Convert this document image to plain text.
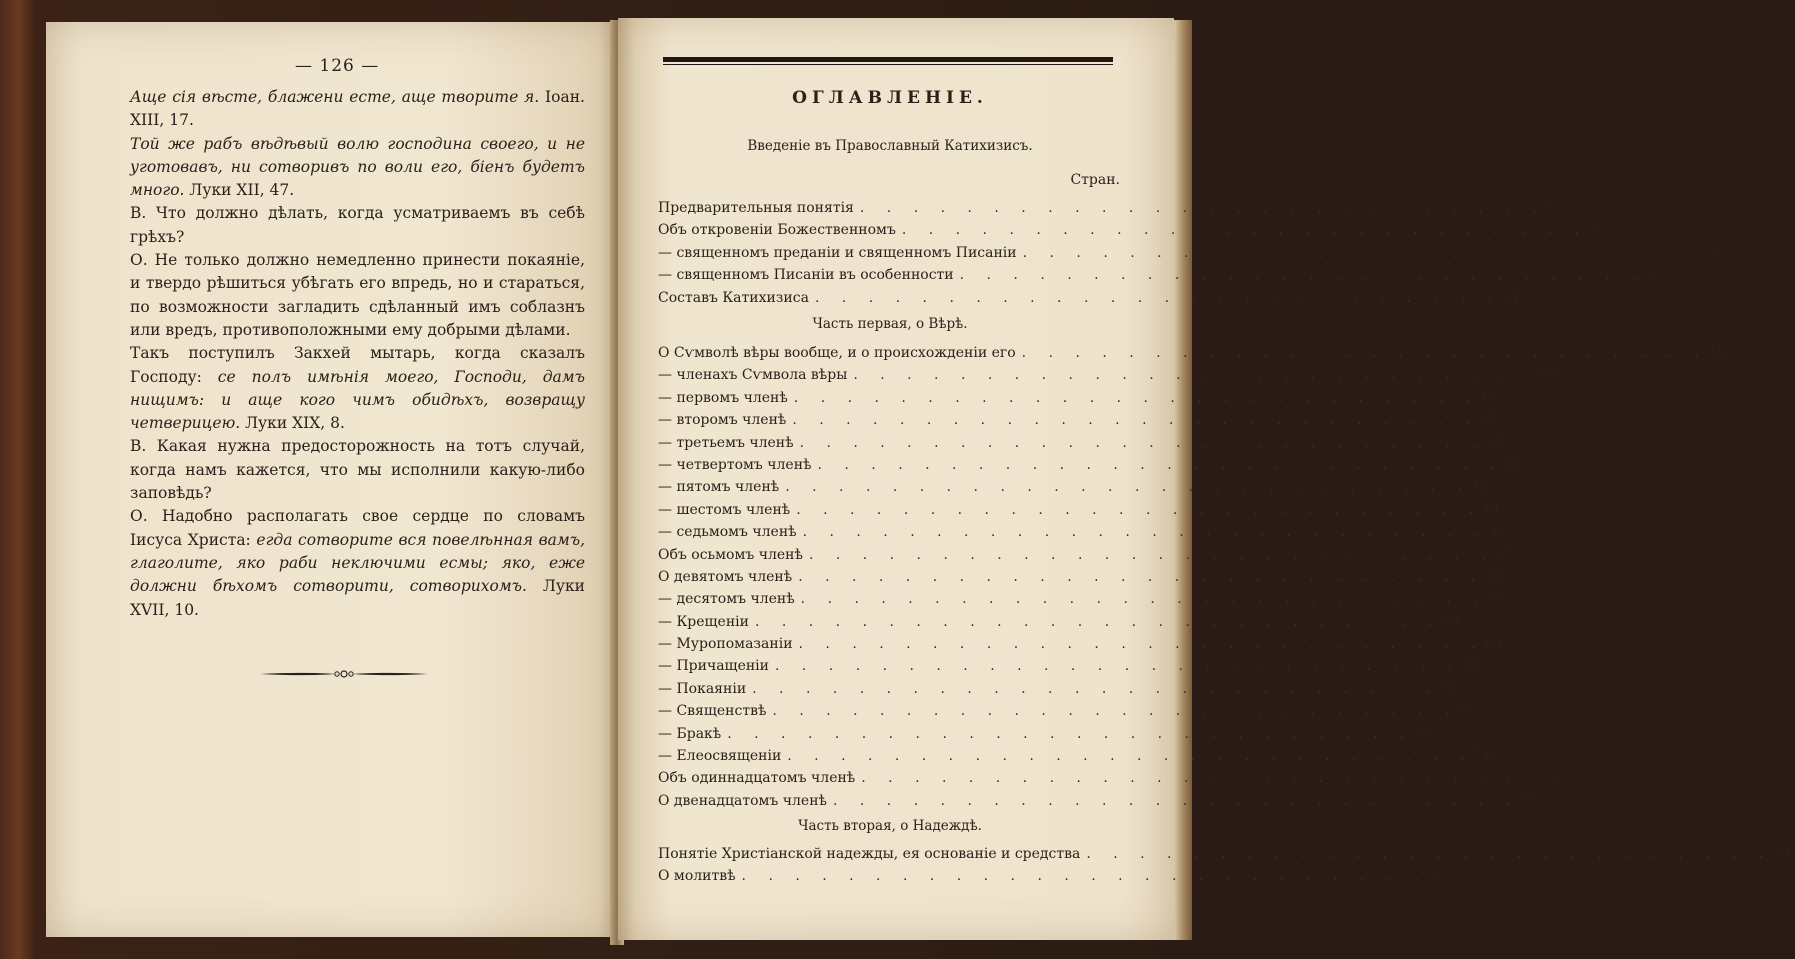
— 126 —

Аще сія вѣсте, блажени есте, аще творите я. Іоан. XIII, 17.

Той же рабъ вѣдѣвый волю господина своего, и не уготовавъ, ни сотворивъ по воли его, біенъ будетъ много. Луки XII, 47.

В. Что должно дѣлать, когда усматриваемъ въ себѣ грѣхъ?

О. Не только должно немедленно принести покаяніе, и твердо рѣшиться убѣгать его впредь, но и стараться, по возможности загладить сдѣланный имъ соблазнъ или вредъ, противоположными ему добрыми дѣлами.

Такъ поступилъ Закхей мытарь, когда сказалъ Господу: се полъ имѣнія моего, Господи, дамъ нищимъ: и аще кого чимъ обидѣхъ, возвращу четверицею. Луки XIX, 8.

В. Какая нужна предосторожность на тотъ случай, когда намъ кажется, что мы исполнили какую-либо заповѣдь?

О. Надобно располагать свое сердце по словамъ Іисуса Христа: егда сотворите вся повелѣнная вамъ, глаголите, яко раби неключими есмы; яко, еже должни бѣхомъ сотворити, сотворихомъ. Луки XVII, 10.

ОГЛАВЛЕНІЕ.
Введеніе въ Православный Катихизисъ.
Стран.
Предварительныя понятія . . . . . . . . . . . . . . . . . . . . . . . . . . 1.
Объ откровеніи Божественномъ . . . . . . . . . . . . . . . . . . . . . . . . . . 3.
— священномъ преданіи и священномъ Писаніи . . . . . . . . . . . . . . . . . . . . . . . . . . 5.
— священномъ Писаніи въ особенности . . . . . . . . . . . . . . . . . . . . . . . . . . 8.
Составъ Катихизиса . . . . . . . . . . . . . . . . . . . . . . . . . . 14.
Часть первая, о Вѣрѣ.
О Сѵмволѣ вѣры вообще, и о происхожденіи его . . . . . . . . . . . . . . . . . . . . . . . . . . 15.
— членахъ Сѵмвола вѣры . . . . . . . . . . . . . . . . . . . . . . . . . . 17.
— первомъ членѣ . . . . . . . . . . . . . . . . . . . . . . . . . . 18.
— второмъ членѣ . . . . . . . . . . . . . . . . . . . . . . . . . . 27.
— третьемъ членѣ . . . . . . . . . . . . . . . . . . . . . . . . . . 30.
— четвертомъ членѣ . . . . . . . . . . . . . . . . . . . . . . . . . . 38.
— пятомъ членѣ . . . . . . . . . . . . . . . . . . . . . . . . . . 42.
— шестомъ членѣ . . . . . . . . . . . . . . . . . . . . . . . . . . 44.
— седьмомъ членѣ . . . . . . . . . . . . . . . . . . . . . . . . . . 45.
Объ осьмомъ членѣ . . . . . . . . . . . . . . . . . . . . . . . . . . 47.
О девятомъ членѣ . . . . . . . . . . . . . . . . . . . . . . . . . . 49.
— десятомъ членѣ . . . . . . . . . . . . . . . . . . . . . . . . . . 59.
— Крещеніи . . . . . . . . . . . . . . . . . . . . . . . . . . 60.
— Муропомазаніи . . . . . . . . . . . . . . . . . . . . . . . . . . 63.
— Причащеніи . . . . . . . . . . . . . . . . . . . . . . . . . . 65.
— Покаяніи . . . . . . . . . . . . . . . . . . . . . . . . . . 71.
— Священствѣ . . . . . . . . . . . . . . . . . . . . . . . . . . 72.
— Бракѣ . . . . . . . . . . . . . . . . . . . . . . . . . . 73.
— Елеосвященіи . . . . . . . . . . . . . . . . . . . . . . . . . . 74.
Объ одиннадцатомъ членѣ . . . . . . . . . . . . . . . . . . . . . . . . . . —
О двенадцатомъ членѣ . . . . . . . . . . . . . . . . . . . . . . . . . . 77.
Часть вторая, о Надеждѣ.
Понятіе Христіанской надежды, ея основаніе и средства . . . . . . . . . . . . . . . . . . . . . . . . . . 79.
О молитвѣ . . . . . . . . . . . . . . . . . . . . . . . . . . —
